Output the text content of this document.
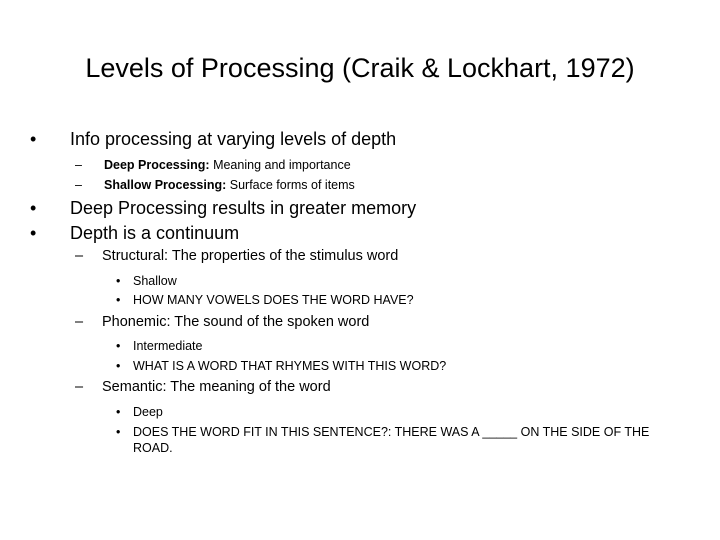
Levels of Processing (Craik & Lockhart, 1972)
• Info processing at varying levels of depth
– Deep Processing: Meaning and importance
– Shallow Processing: Surface forms of items
• Deep Processing results in greater memory
• Depth is a continuum
– Structural: The properties of the stimulus word
• Shallow
• HOW MANY VOWELS DOES THE WORD HAVE?
– Phonemic: The sound of the spoken word
• Intermediate
• WHAT IS A WORD THAT RHYMES WITH THIS WORD?
– Semantic: The meaning of the word
• Deep
• DOES THE WORD FIT IN THIS SENTENCE?: THERE WAS A _____ ON THE SIDE OF THE
ROAD.
